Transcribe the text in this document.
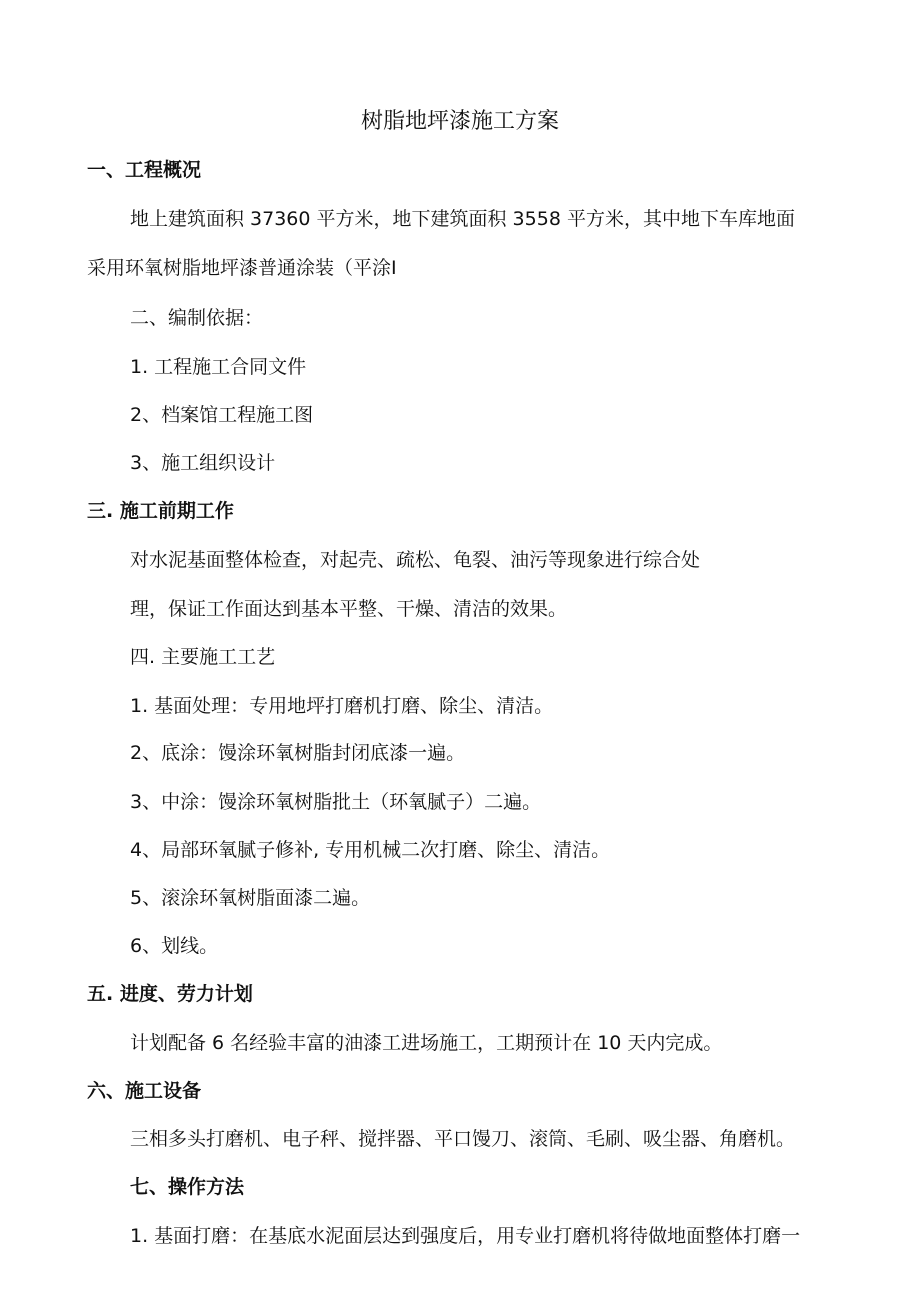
树脂地坪漆施工方案
一、工程概况
地上建筑面积 37360 平方米，地下建筑面积 3558 平方米，其中地下车库地面
采用环氧树脂地坪漆普通涂装（平涂Ⅰ
二、编制依据：
1. 工程施工合同文件
2、档案馆工程施工图
3、施工组织设计
三. 施工前期工作
对水泥基面整体检查，对起壳、疏松、龟裂、油污等现象进行综合处
理，保证工作面达到基本平整、干燥、清洁的效果。
四. 主要施工工艺
1. 基面处理：专用地坪打磨机打磨、除尘、清洁。
2、底涂：馒涂环氧树脂封闭底漆一遍。
3、中涂：馒涂环氧树脂批土（环氧腻子）二遍。
4、局部环氧腻子修补, 专用机械二次打磨、除尘、清洁。
5、滚涂环氧树脂面漆二遍。
6、划线。
五. 进度、劳力计划
计划配备 6 名经验丰富的油漆工进场施工，工期预计在 10 天内完成。
六、施工设备
三相多头打磨机、电子秤、搅拌器、平口馒刀、滚筒、毛刷、吸尘器、角磨机。
七、操作方法
1. 基面打磨：在基底水泥面层达到强度后，用专业打磨机将待做地面整体打磨一
